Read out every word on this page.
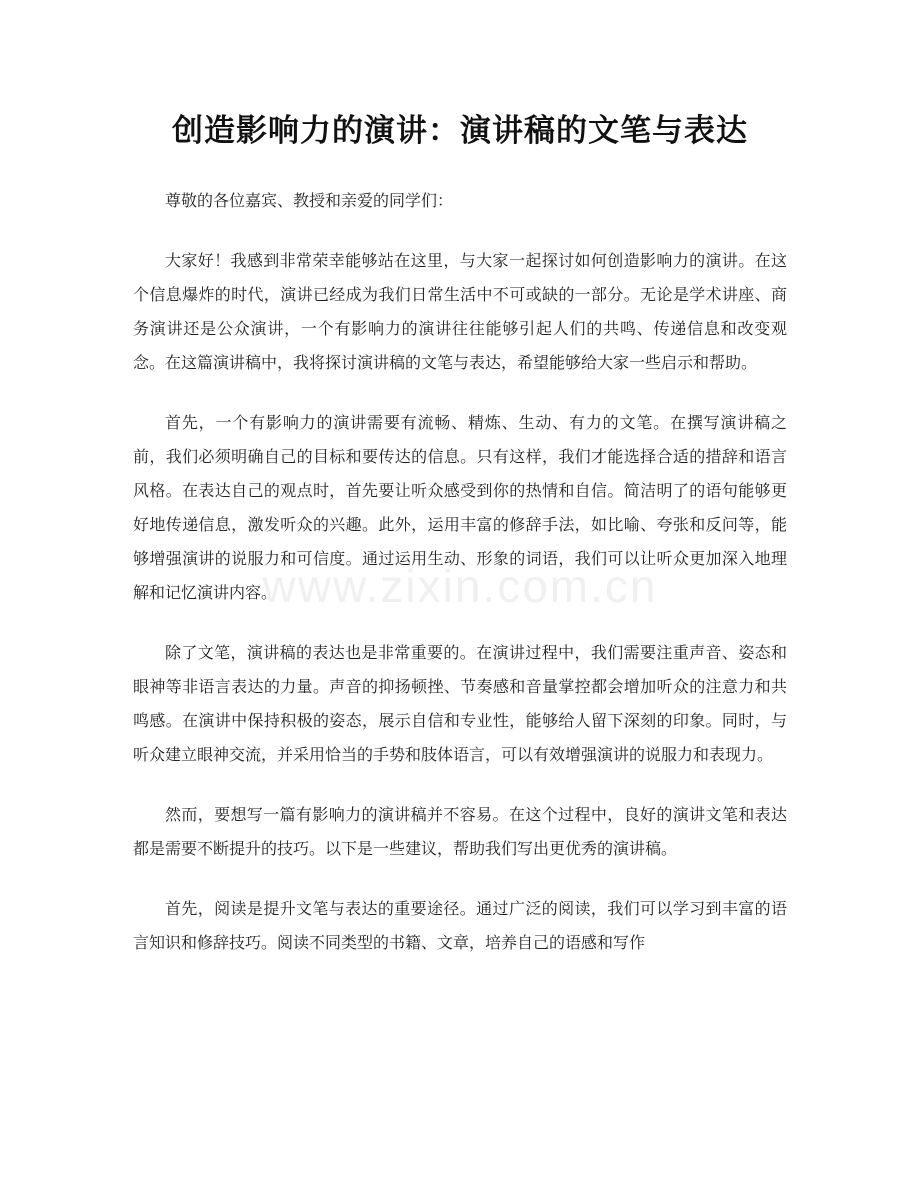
创造影响力的演讲：演讲稿的文笔与表达
www.zixin.com.cn

尊敬的各位嘉宾、教授和亲爱的同学们：

大家好！我感到非常荣幸能够站在这里，与大家一起探讨如何创造影响力的演讲。在这个信息爆炸的时代，演讲已经成为我们日常生活中不可或缺的一部分。无论是学术讲座、商务演讲还是公众演讲，一个有影响力的演讲往往能够引起人们的共鸣、传递信息和改变观念。在这篇演讲稿中，我将探讨演讲稿的文笔与表达，希望能够给大家一些启示和帮助。

首先，一个有影响力的演讲需要有流畅、精炼、生动、有力的文笔。在撰写演讲稿之前，我们必须明确自己的目标和要传达的信息。只有这样，我们才能选择合适的措辞和语言风格。在表达自己的观点时，首先要让听众感受到你的热情和自信。简洁明了的语句能够更好地传递信息，激发听众的兴趣。此外，运用丰富的修辞手法，如比喻、夸张和反问等，能够增强演讲的说服力和可信度。通过运用生动、形象的词语，我们可以让听众更加深入地理解和记忆演讲内容。

除了文笔，演讲稿的表达也是非常重要的。在演讲过程中，我们需要注重声音、姿态和眼神等非语言表达的力量。声音的抑扬顿挫、节奏感和音量掌控都会增加听众的注意力和共鸣感。在演讲中保持积极的姿态，展示自信和专业性，能够给人留下深刻的印象。同时，与听众建立眼神交流，并采用恰当的手势和肢体语言，可以有效增强演讲的说服力和表现力。

然而，要想写一篇有影响力的演讲稿并不容易。在这个过程中，良好的演讲文笔和表达都是需要不断提升的技巧。以下是一些建议，帮助我们写出更优秀的演讲稿。

首先，阅读是提升文笔与表达的重要途径。通过广泛的阅读，我们可以学习到丰富的语言知识和修辞技巧。阅读不同类型的书籍、文章，培养自己的语感和写作
